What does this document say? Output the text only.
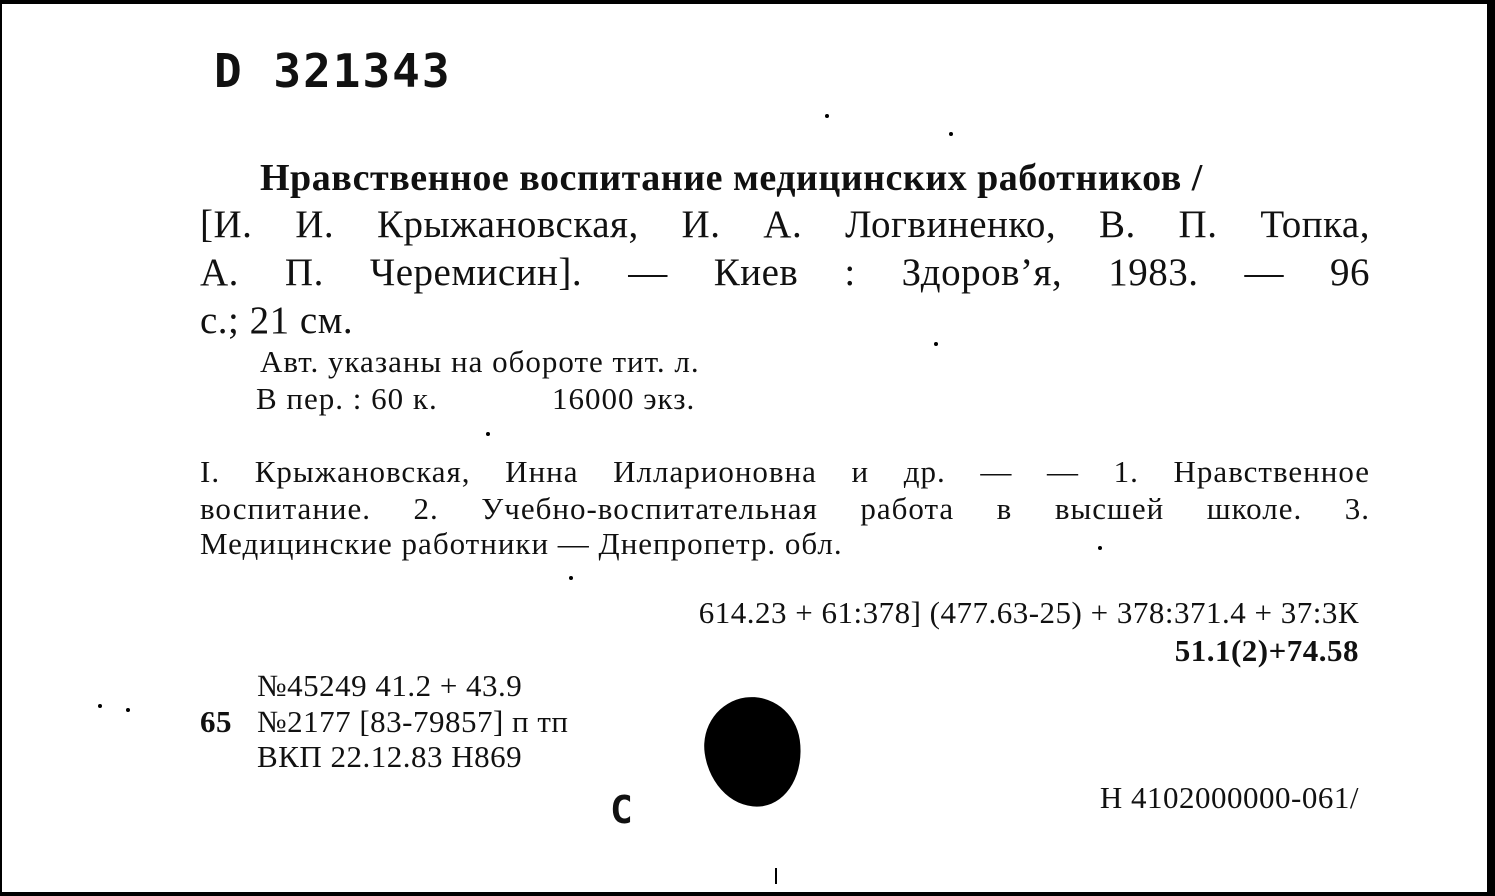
D 321343
Нравственное воспитание медицинских работников /
[И. И. Крыжановская, И. А. Логвиненко, В. П. Топка,
А. П. Черемисин]. — Киев : Здоров’я, 1983. — 96
с.; 21 см.
Авт. указаны на обороте тит. л.
В пер. : 60 к.	16000 экз.
I. Крыжановская, Инна Илларионовна и др. — — 1. Нравственное
воспитание. 2. Учебно-воспитательная работа в высшей школе. 3.
Медицинские работники — Днепропетр. обл.
614.23 + 61:378] (477.63-25) + 378:371.4 + 37:3К
51.1(2)+74.58
№45249 41.2 + 43.9
65 №2177 [83-79857] п тп
ВКП 22.12.83 Н869
С	Н 4102000000-061/
